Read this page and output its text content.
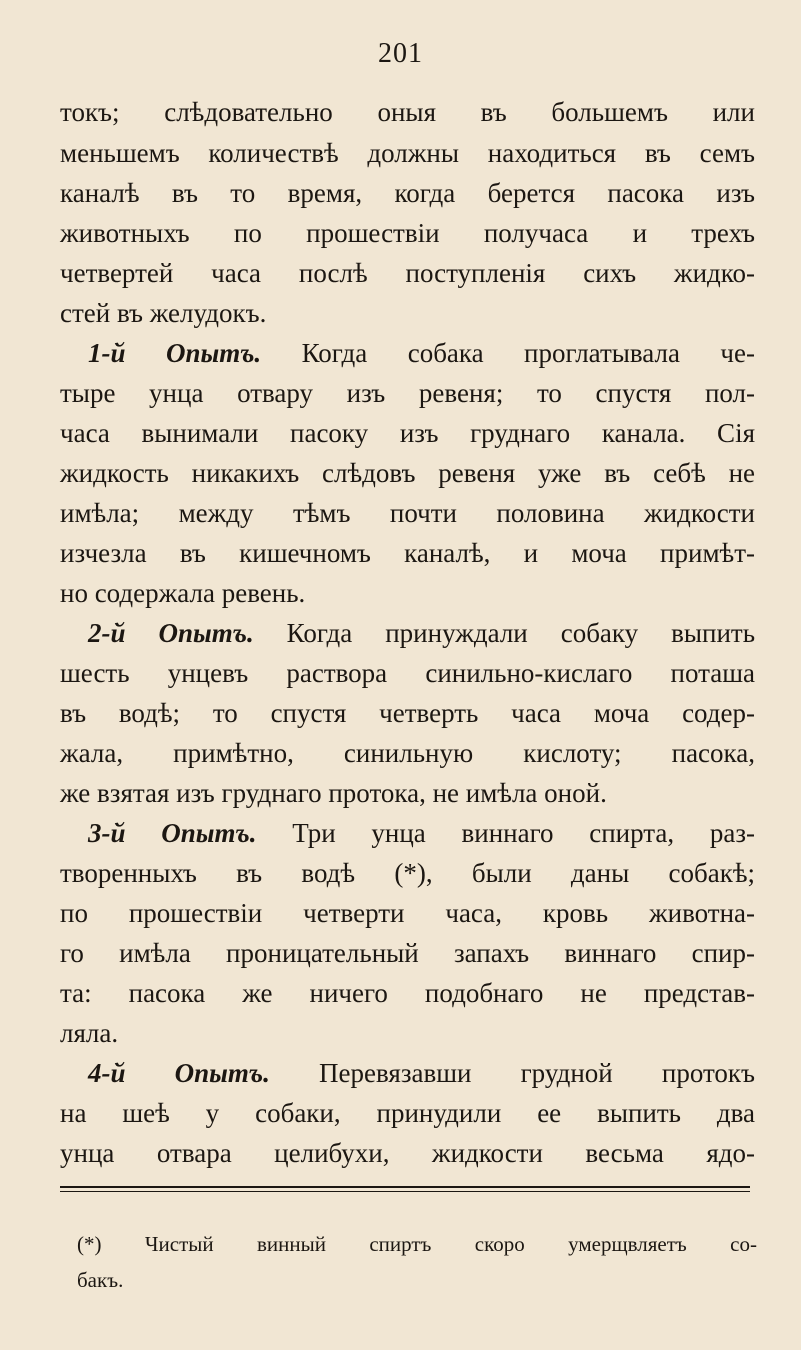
201
токъ; слѣдовательно оныя въ большемъ или
меньшемъ количествѣ должны находиться въ семъ
каналѣ въ то время, когда берется пасока изъ
животныхъ по прошествіи получаса и трехъ
четвертей часа послѣ поступленія сихъ жидко-
стей въ желудокъ.
1-й Опытъ. Когда собака проглатывала че-
тыре унца отвару изъ ревеня; то спустя пол-
часа вынимали пасоку изъ груднаго канала. Сія
жидкость никакихъ слѣдовъ ревеня уже въ себѣ не
имѣла; между тѣмъ почти половина жидкости
изчезла въ кишечномъ каналѣ, и моча примѣт-
но содержала ревень.
2-й Опытъ. Когда принуждали собаку выпить
шесть унцевъ раствора синильно-кислаго поташа
въ водѣ; то спустя четверть часа моча содер-
жала, примѣтно, синильную кислоту; пасока,
же взятая изъ груднаго протока, не имѣла оной.
3-й Опытъ. Три унца виннаго спирта, раз-
творенныхъ въ водѣ (*), были даны собакѣ;
по прошествіи четверти часа, кровь животна-
го имѣла проницательный запахъ виннаго спир-
та: пасока же ничего подобнаго не представ-
ляла.
4-й Опытъ. Перевязавши грудной протокъ
на шеѣ у собаки, принудили ее выпить два
унца отвара целибухи, жидкости весьма ядо-
(*) Чистый винный спиртъ скоро умерщвляетъ со-
бакъ.
